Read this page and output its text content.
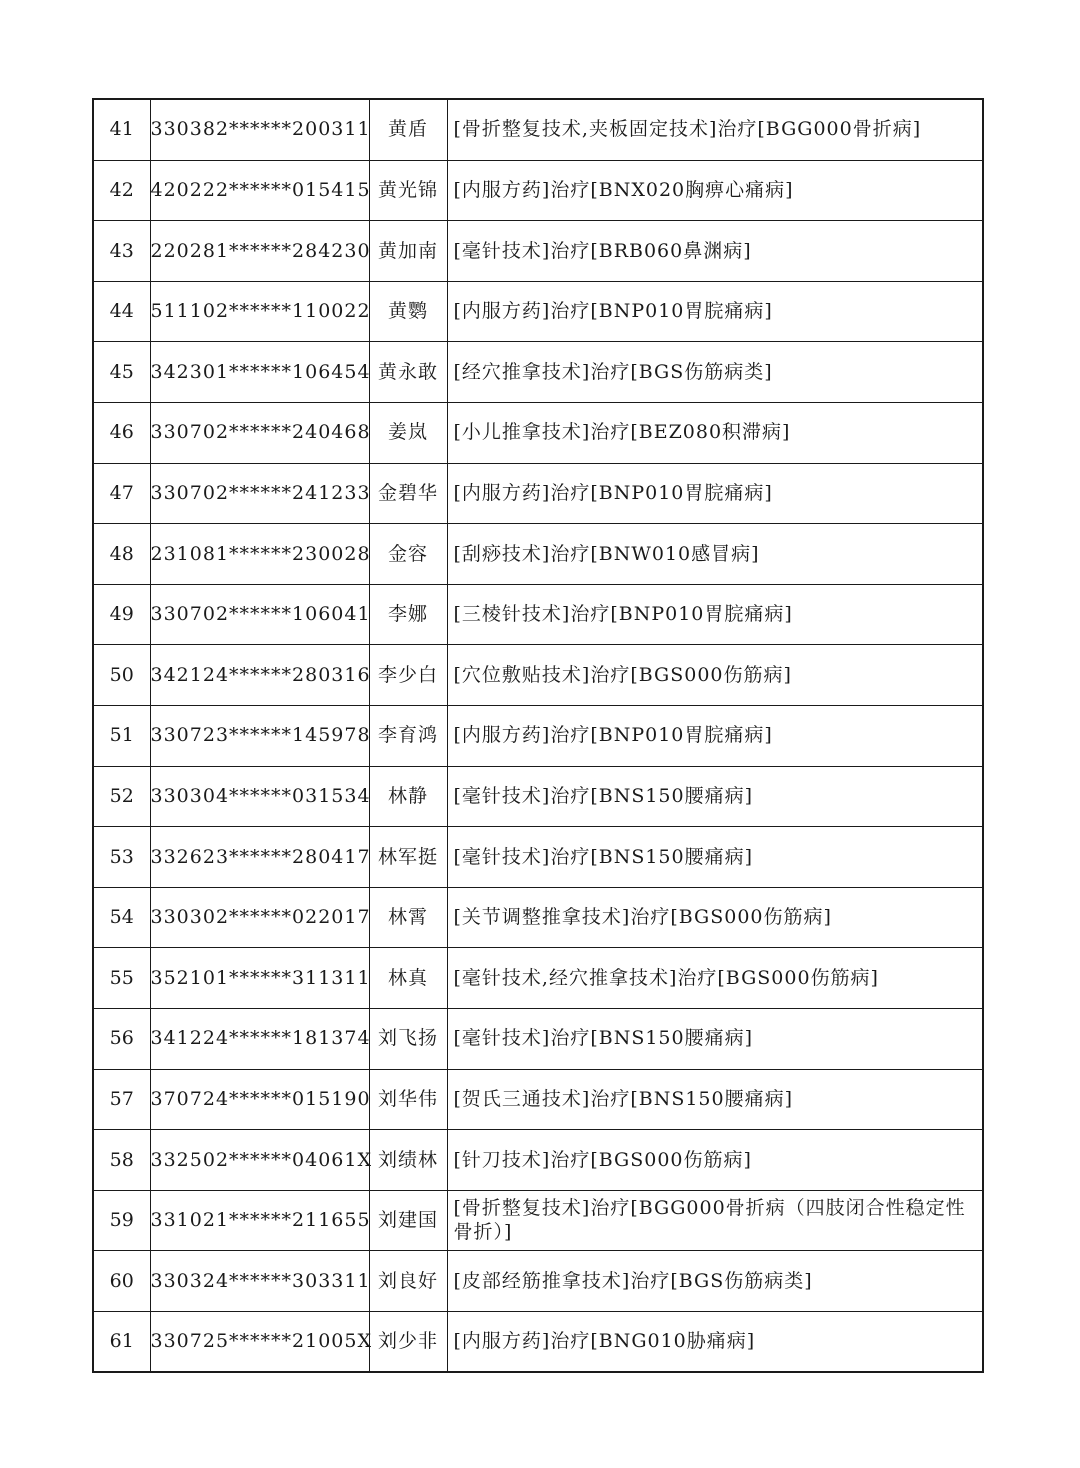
41	330382******200311	黄盾	[骨折整复技术,夹板固定技术]治疗[BGG000骨折病]
42	420222******015415	黄光锦	[内服方药]治疗[BNX020胸痹心痛病]
43	220281******284230	黄加南	[毫针技术]治疗[BRB060鼻渊病]
44	511102******110022	黄鹦	[内服方药]治疗[BNP010胃脘痛病]
45	342301******106454	黄永敢	[经穴推拿技术]治疗[BGS伤筋病类]
46	330702******240468	姜岚	[小儿推拿技术]治疗[BEZ080积滞病]
47	330702******241233	金碧华	[内服方药]治疗[BNP010胃脘痛病]
48	231081******230028	金容	[刮痧技术]治疗[BNW010感冒病]
49	330702******106041	李娜	[三棱针技术]治疗[BNP010胃脘痛病]
50	342124******280316	李少白	[穴位敷贴技术]治疗[BGS000伤筋病]
51	330723******145978	李育鸿	[内服方药]治疗[BNP010胃脘痛病]
52	330304******031534	林静	[毫针技术]治疗[BNS150腰痛病]
53	332623******280417	林军挺	[毫针技术]治疗[BNS150腰痛病]
54	330302******022017	林霄	[关节调整推拿技术]治疗[BGS000伤筋病]
55	352101******311311	林真	[毫针技术,经穴推拿技术]治疗[BGS000伤筋病]
56	341224******181374	刘飞扬	[毫针技术]治疗[BNS150腰痛病]
57	370724******015190	刘华伟	[贺氏三通技术]治疗[BNS150腰痛病]
58	332502******04061X	刘绩林	[针刀技术]治疗[BGS000伤筋病]
59	331021******211655	刘建国	[骨折整复技术]治疗[BGG000骨折病（四肢闭合性稳定性骨折）]
60	330324******303311	刘良好	[皮部经筋推拿技术]治疗[BGS伤筋病类]
61	330725******21005X	刘少非	[内服方药]治疗[BNG010胁痛病]
